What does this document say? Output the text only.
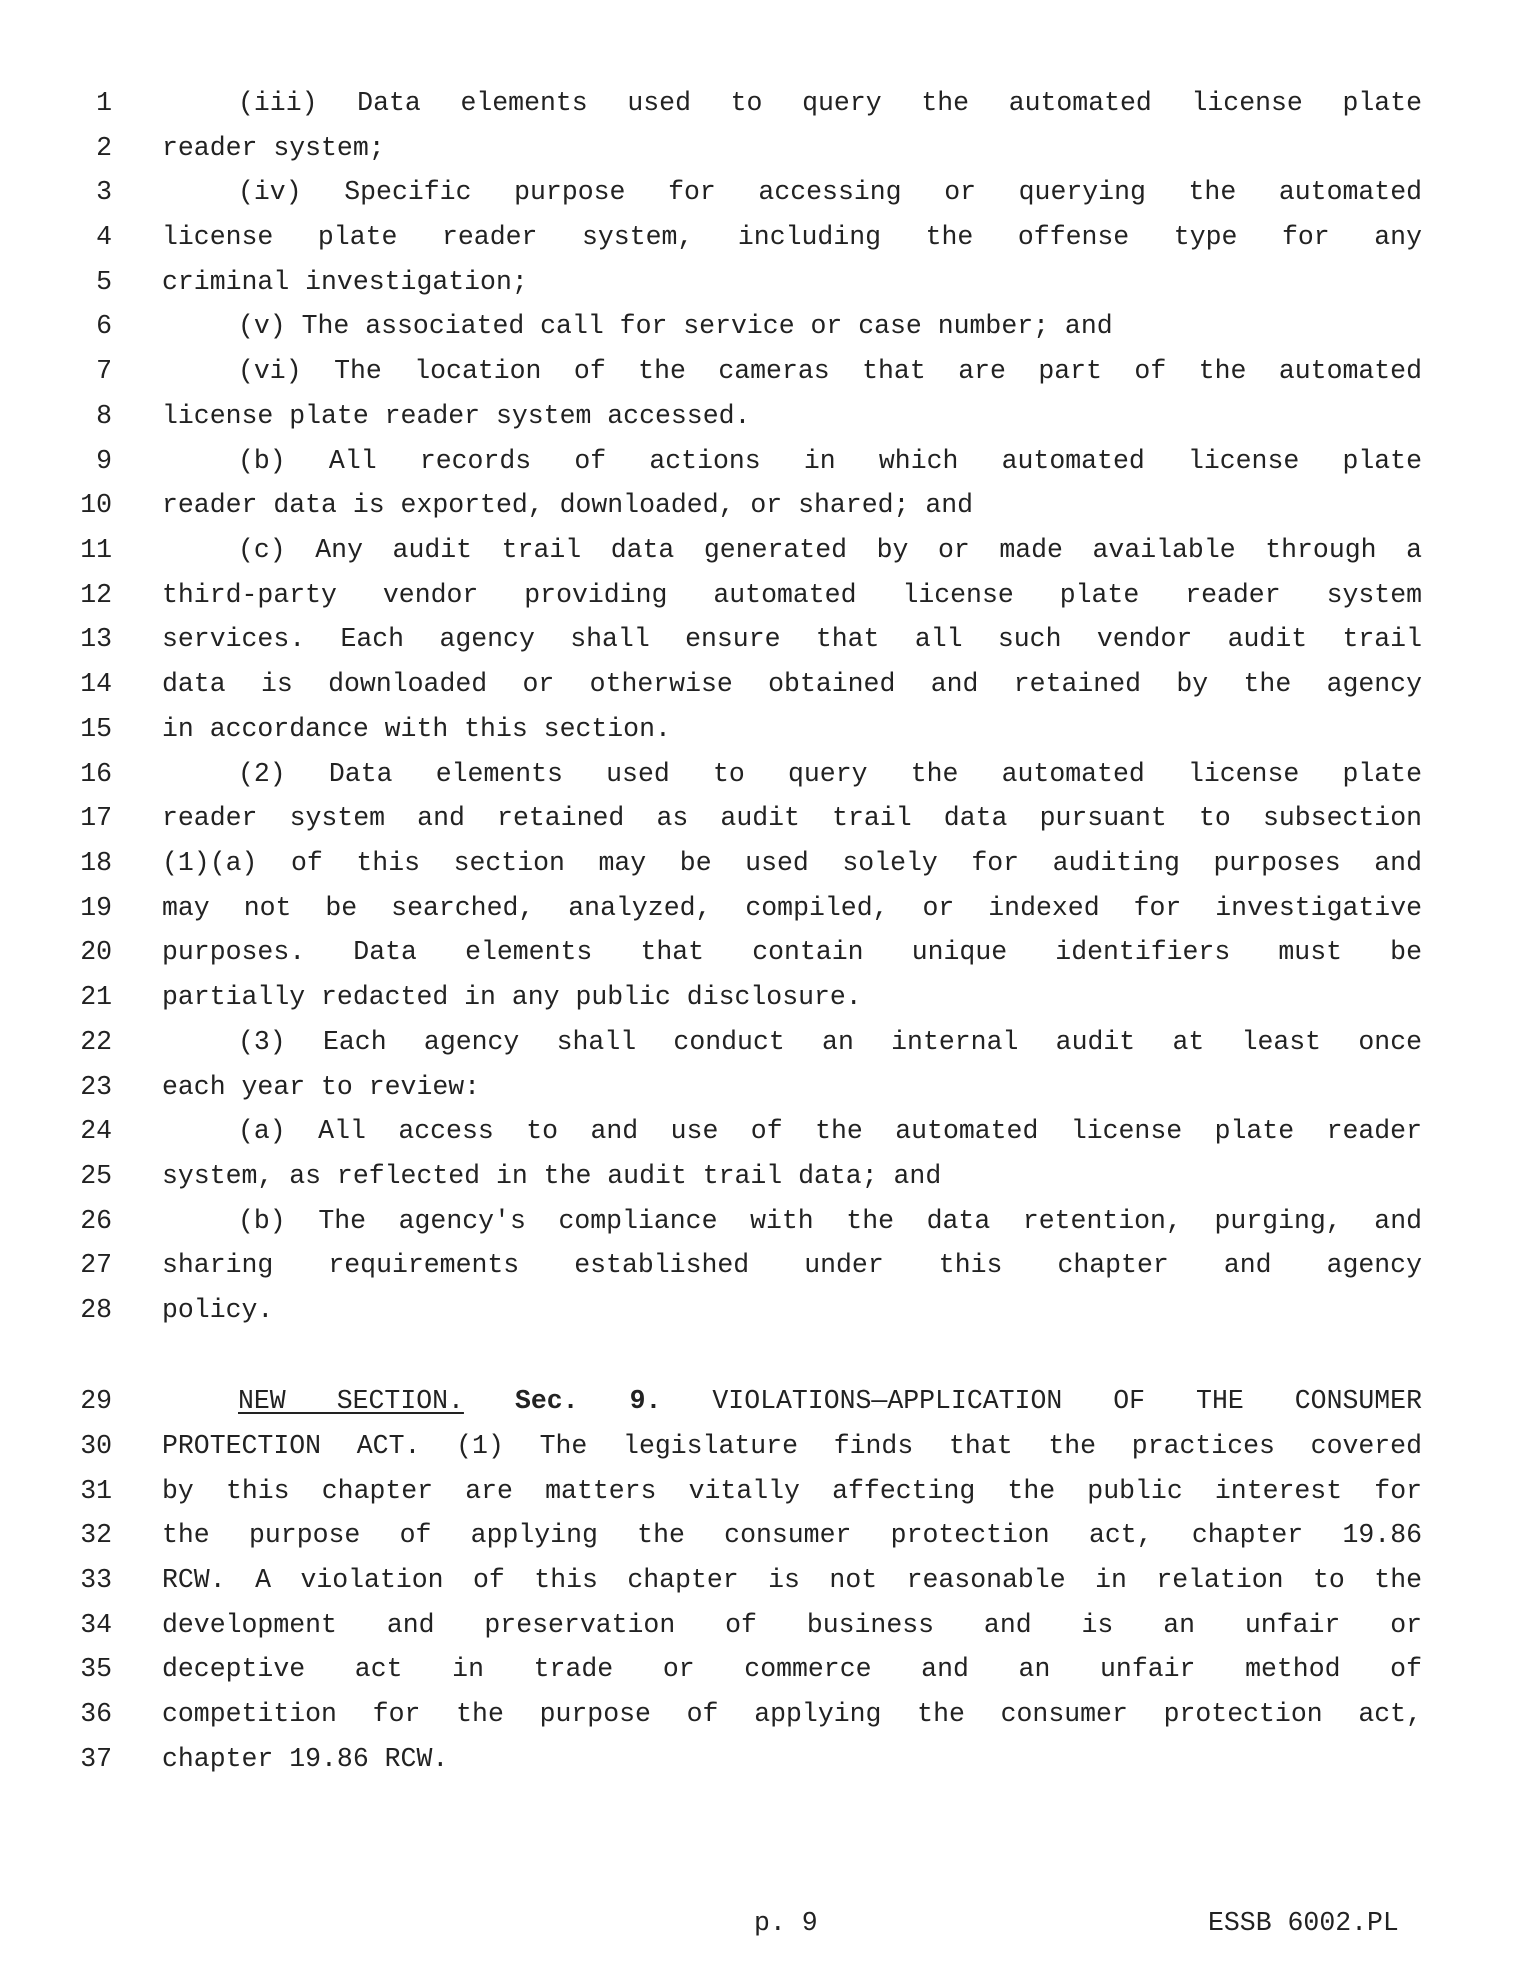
1	(iii) Data elements used to query the automated license plate
2 reader system;
3	(iv) Specific purpose for accessing or querying the automated
4 license plate reader system, including the offense type for any
5 criminal investigation;
6	(v) The associated call for service or case number; and
7	(vi) The location of the cameras that are part of the automated
8 license plate reader system accessed.
9	(b) All records of actions in which automated license plate
10 reader data is exported, downloaded, or shared; and
11	(c) Any audit trail data generated by or made available through a
12 third-party vendor providing automated license plate reader system
13 services. Each agency shall ensure that all such vendor audit trail
14 data is downloaded or otherwise obtained and retained by the agency
15 in accordance with this section.
16	(2) Data elements used to query the automated license plate
17 reader system and retained as audit trail data pursuant to subsection
18 (1)(a) of this section may be used solely for auditing purposes and
19 may not be searched, analyzed, compiled, or indexed for investigative
20 purposes. Data elements that contain unique identifiers must be
21 partially redacted in any public disclosure.
22	(3) Each agency shall conduct an internal audit at least once
23 each year to review:
24	(a) All access to and use of the automated license plate reader
25 system, as reflected in the audit trail data; and
26	(b) The agency's compliance with the data retention, purging, and
27 sharing requirements established under this chapter and agency
28 policy.
29	NEW SECTION. Sec. 9. VIOLATIONS—APPLICATION OF THE CONSUMER
30 PROTECTION ACT. (1) The legislature finds that the practices covered
31 by this chapter are matters vitally affecting the public interest for
32 the purpose of applying the consumer protection act, chapter 19.86
33 RCW. A violation of this chapter is not reasonable in relation to the
34 development and preservation of business and is an unfair or
35 deceptive act in trade or commerce and an unfair method of
36 competition for the purpose of applying the consumer protection act,
37 chapter 19.86 RCW.
p. 9	ESSB 6002.PL
